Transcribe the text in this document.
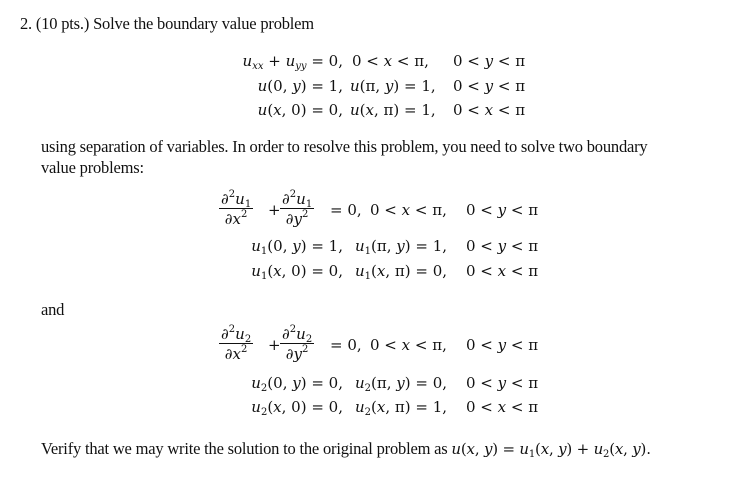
2. (10 pts.) Solve the boundary value problem
$u_{xx} + u_{yy} = 0$, 0 < x < π, 0 < y < π
u(0, y) = 1, u(π, y) = 1, 0 < y < π
u(x, 0) = 0, u(x, π) = 1, 0 < x < π
using separation of variables. In order to resolve this problem, you need to solve two boundary
value problems:
$\frac{\partial^2u_1}{\partial x^2} + \frac{\partial^2u_1}{\partial y^2} = 0$, 0 < x < π, 0 < y < π
$u_1(0$, y) = 1, $u_1(\pi$, y) = 1, 0 < y < π
$u_1(x$, 0) = 0, $u_1(x$, π) = 0, 0 < x < π
and
$\frac{\partial^2u_2}{\partial x^2} + \frac{\partial^2u_2}{\partial y^2} = 0$, 0 < x < π, 0 < y < π
$u_2(0$, y) = 0, $u_2(\pi$, y) = 0, 0 < y < π
$u_2(x$, 0) = 0, $u_2(x$, π) = 1, 0 < x < π
Verify that we may write the solution to the original problem as u(x, $y) = u_1(x$, $y) + u_2(x$, y).
